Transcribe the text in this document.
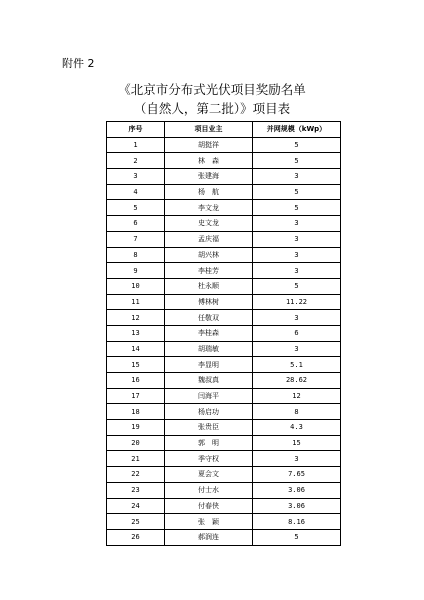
附件 2
《北京市分布式光伏项目奖励名单
（自然人，第二批）》项目表
序号	项目业主	并网规模（kWp）
1	胡挺祥	5
2	林　森	5
3	张建海	3
4	杨　航	5
5	李文龙	5
6	史文龙	3
7	孟庆福	3
8	胡兴林	3
9	李桂芳	3
10	杜永顺	5
11	傅林树	11.22
12	任敬双	3
13	李桂森	6
14	胡瑞敏	3
15	李显明	5.1
16	魏叔真	28.62
17	闫海平	12
18	杨启功	8
19	张贵臣	4.3
20	郭　明	15
21	季守权	3
22	夏会文	7.65
23	付士水	3.06
24	付春侠	3.06
25	张　颖	8.16
26	郝润连	5
